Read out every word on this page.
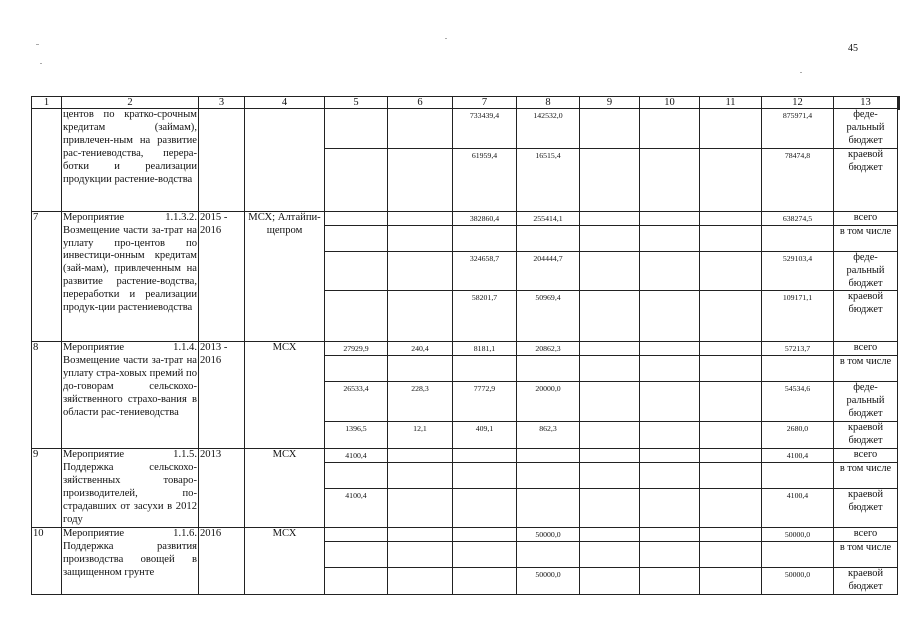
45
1	2	3	4	5	6	7	8	9	10	11	12	13
	центов по кратко-срочным кредитам (займам), привлечен-ным на развитие рас-тениеводства, перера-ботки и реализации продукции растение-водства					733439,4	142532,0				875971,4	феде-ральный бюджет
						61959,4	16515,4				78474,8	краевой бюджет
7	Мероприятие 1.1.3.2. Возмещение части за-трат на уплату про-центов по инвестици-онным кредитам (зай-мам), привлеченным на развитие растение-водства, переработки и реализации продук-ции растениеводства	2015 - 2016	МСХ; Алтайпи-щепром			382860,4	255414,1				638274,5	всего
												в том числе
						324658,7	204444,7				529103,4	феде-ральный бюджет
						58201,7	50969,4				109171,1	краевой бюджет
8	Мероприятие 1.1.4. Возмещение части за-трат на уплату стра-ховых премий по до-говорам сельскохо-зяйственного страхо-вания в области рас-тениеводства	2013 - 2016	МСХ	27929,9	240,4	8181,1	20862,3				57213,7	всего
												в том числе
				26533,4	228,3	7772,9	20000,0				54534,6	феде-ральный бюджет
				1396,5	12,1	409,1	862,3				2680,0	краевой бюджет
9	Мероприятие 1.1.5. Поддержка сельскохо-зяйственных товаро-производителей, по-страдавших от засухи в 2012 году	2013	МСХ	4100,4							4100,4	всего
												в том числе
				4100,4							4100,4	краевой бюджет
10	Мероприятие 1.1.6. Поддержка развития производства овощей в защищенном грунте	2016	МСХ				50000,0				50000,0	всего
												в том числе
							50000,0				50000,0	краевой бюджет
